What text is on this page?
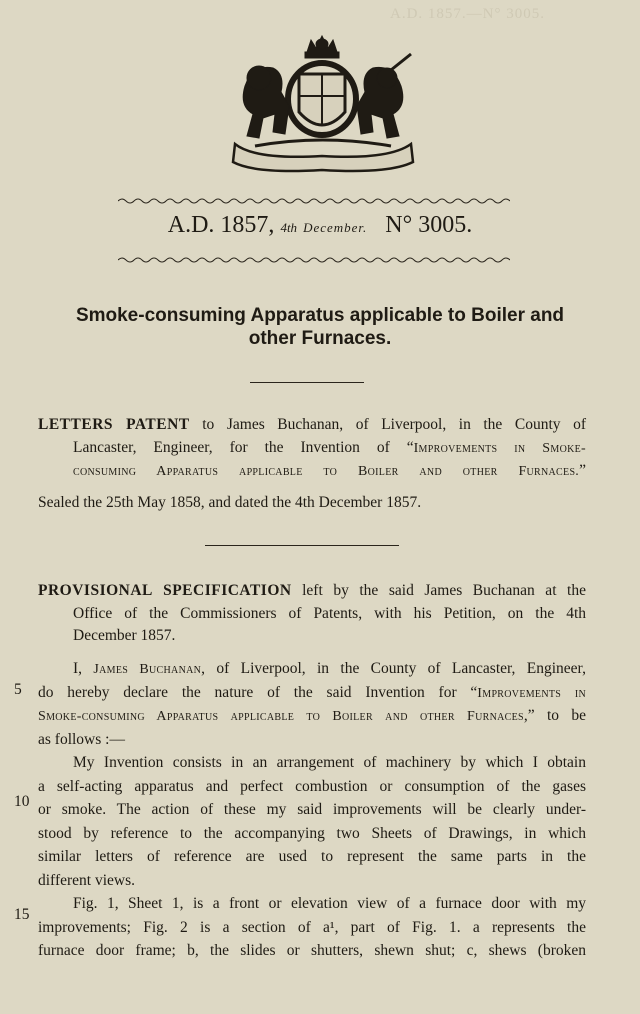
A.D. 1857.—N° 3005.
A.D. 1857, 4th December. N° 3005.
Smoke-consuming Apparatus applicable to Boiler and
other Furnaces.
LETTERS PATENT to James Buchanan, of Liverpool, in the County of
Lancaster, Engineer, for the Invention of “Improvements in Smoke-
consuming Apparatus applicable to Boiler and other Furnaces.”
Sealed the 25th May 1858, and dated the 4th December 1857.
PROVISIONAL SPECIFICATION left by the said James Buchanan at the
Office of the Commissioners of Patents, with his Petition, on the 4th
December 1857.
I, James Buchanan, of Liverpool, in the County of Lancaster, Engineer,
do hereby declare the nature of the said Invention for “Improvements in
Smoke-consuming Apparatus applicable to Boiler and other Furnaces,” to be
as follows :—
My Invention consists in an arrangement of machinery by which I obtain
a self-acting apparatus and perfect combustion or consumption of the gases
or smoke. The action of these my said improvements will be clearly under-
stood by reference to the accompanying two Sheets of Drawings, in which
similar letters of reference are used to represent the same parts in the
different views.
Fig. 1, Sheet 1, is a front or elevation view of a furnace door with my
improvements; Fig. 2 is a section of a¹, part of Fig. 1. a represents the
furnace door frame; b, the slides or shutters, shewn shut; c, shews (broken
5
10
15
